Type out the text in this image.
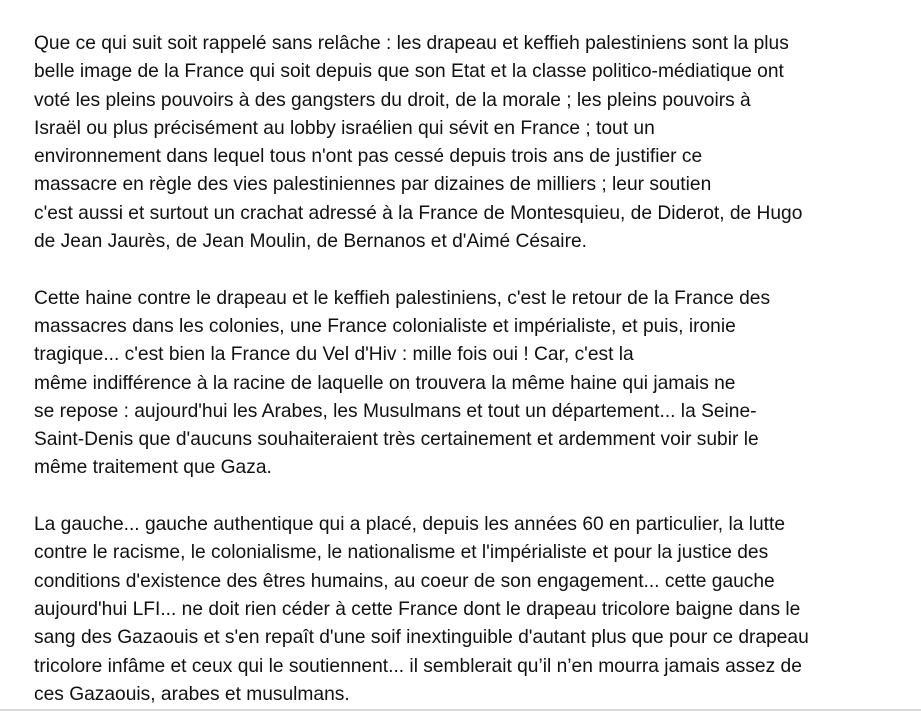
Que ce qui suit soit rappelé sans relâche : les drapeau et keffieh palestiniens sont la plus
belle image de la France qui soit depuis que son Etat et la classe politico-médiatique ont
voté les pleins pouvoirs à des gangsters du droit, de la morale ; les pleins pouvoirs à
Israël ou plus précisément au lobby israélien qui sévit en France ; tout un
environnement dans lequel tous n'ont pas cessé depuis trois ans de justifier ce
massacre en règle des vies palestiniennes par dizaines de milliers ; leur soutien
c'est aussi et surtout un crachat adressé à la France de Montesquieu, de Diderot, de Hugo
de Jean Jaurès, de Jean Moulin, de Bernanos et d'Aimé Césaire.

Cette haine contre le drapeau et le keffieh palestiniens, c'est le retour de la France des
massacres dans les colonies, une France colonialiste et impérialiste, et puis, ironie
tragique... c'est bien la France du Vel d'Hiv : mille fois oui ! Car, c'est la
même indifférence à la racine de laquelle on trouvera la même haine qui jamais ne
se repose : aujourd'hui les Arabes, les Musulmans et tout un département... la Seine-
Saint-Denis que d'aucuns souhaiteraient très certainement et ardemment voir subir le
même traitement que Gaza.

La gauche... gauche authentique qui a placé, depuis les années 60 en particulier, la lutte
contre le racisme, le colonialisme, le nationalisme et l'impérialiste et pour la justice des
conditions d'existence des êtres humains, au coeur de son engagement... cette gauche
aujourd'hui LFI... ne doit rien céder à cette France dont le drapeau tricolore baigne dans le
sang des Gazaouis et s'en repaît d'une soif inextinguible d'autant plus que pour ce drapeau
tricolore infâme et ceux qui le soutiennent... il semblerait qu’il n’en mourra jamais assez de
ces Gazaouis, arabes et musulmans.
